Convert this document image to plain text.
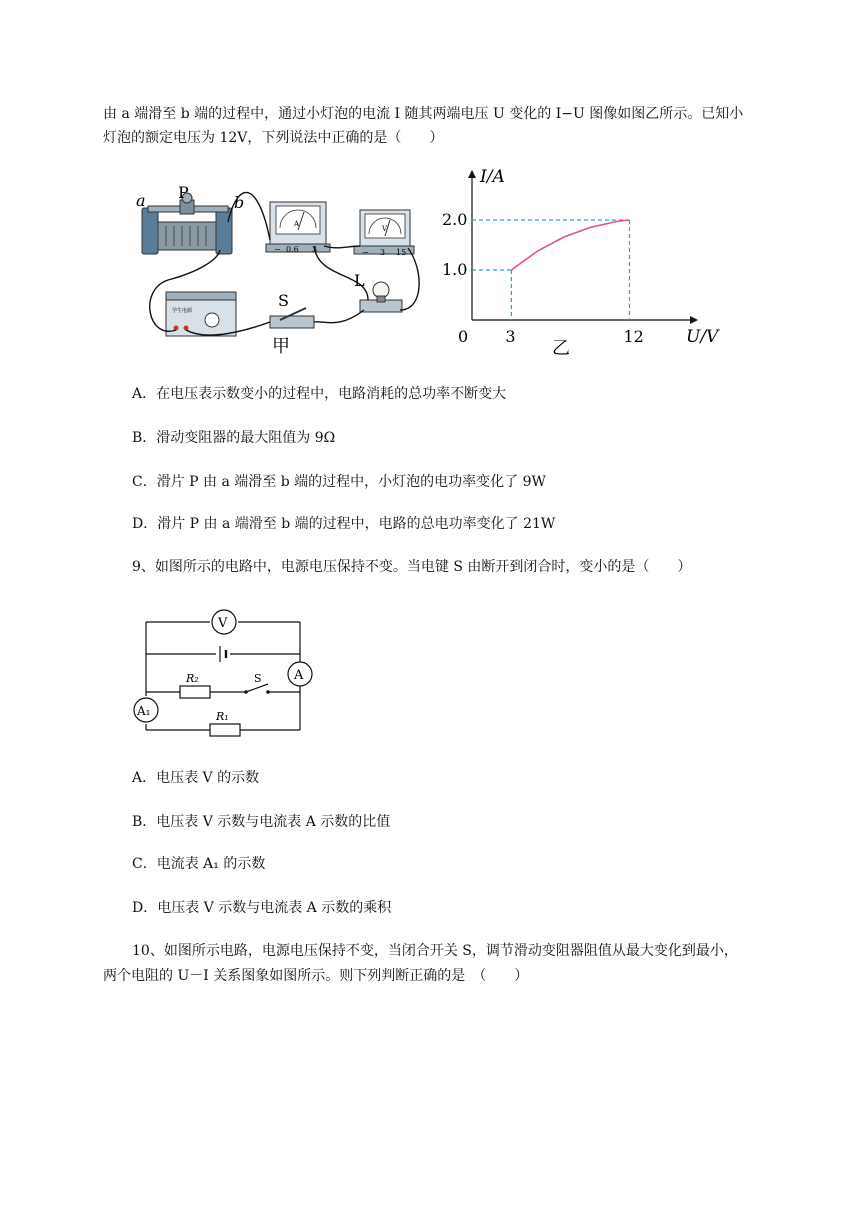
由 a 端滑至 b 端的过程中，通过小灯泡的电流 I 随其两端电压 U 变化的 I−U 图像如图乙所示。已知小
灯泡的额定电压为 12V，下列说法中正确的是（　　）
a P
b
A
− 0.6 3
V
− 3 15
L
学生电源
S
甲	U/V
I/A
0 3	12
1.0
2.0
乙
A．在电压表示数变小的过程中，电路消耗的总功率不断变大
B．滑动变阻器的最大阻值为 9Ω
C．滑片 P 由 a 端滑至 b 端的过程中，小灯泡的电功率变化了 9W
D．滑片 P 由 a 端滑至 b 端的过程中，电路的总电功率变化了 21W
9、如图所示的电路中，电源电压保持不变。当电键 S 由断开到闭合时，变小的是（　　）
V
A
A₁
R₂
R₁
S
A．电压表 V 的示数
B．电压表 V 示数与电流表 A 示数的比值
C．电流表 A₁ 的示数
D．电压表 V 示数与电流表 A 示数的乘积
10、如图所示电路，电源电压保持不变，当闭合开关 S，调节滑动变阻器阻值从最大变化到最小，
两个电阻的 U－I 关系图象如图所示。则下列判断正确的是　（　　）
